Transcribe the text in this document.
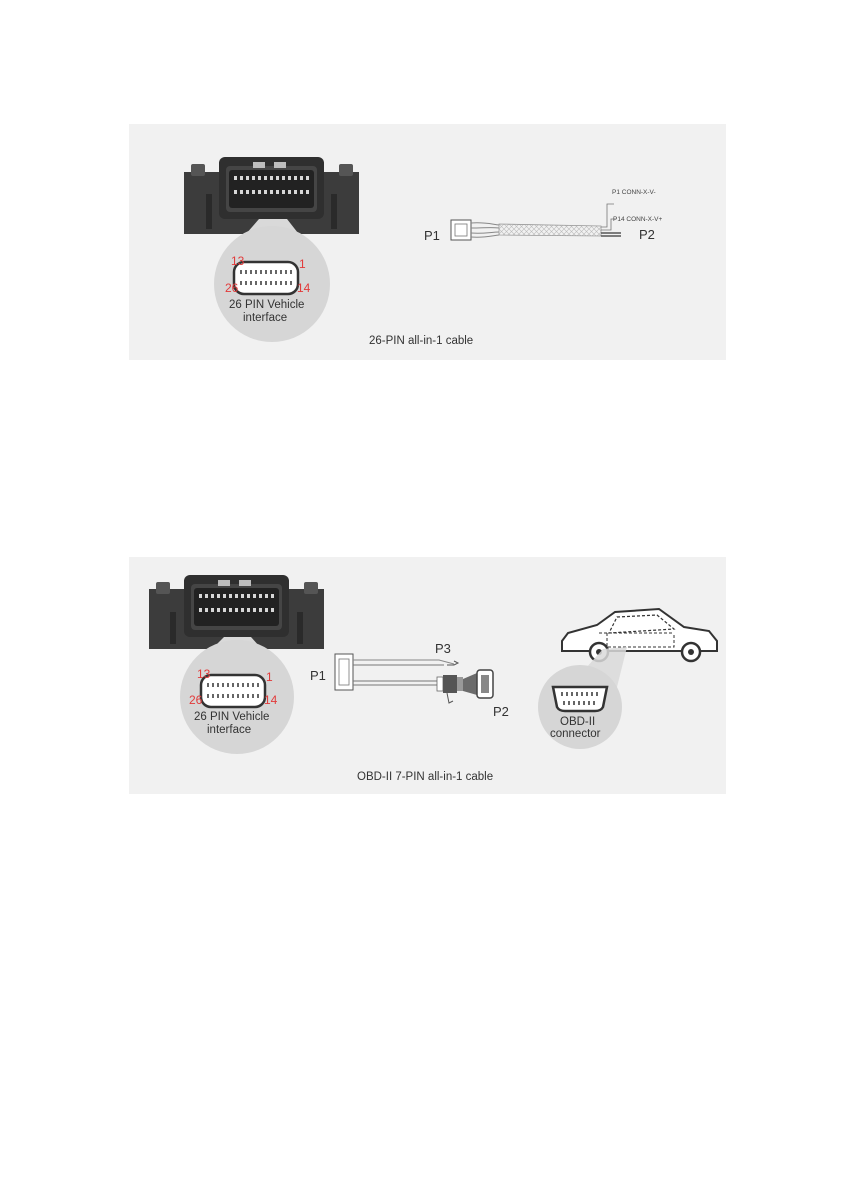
13	1
26	14
26 PIN Vehicle
interface
P1	P2
P1 CONN-X-V-
P14 CONN-X-V+
26-PIN all-in-1 cable
13	1
26	14
26 PIN Vehicle
interface
P1
P3
P2
OBD-II
connector
OBD-II 7-PIN all-in-1 cable
